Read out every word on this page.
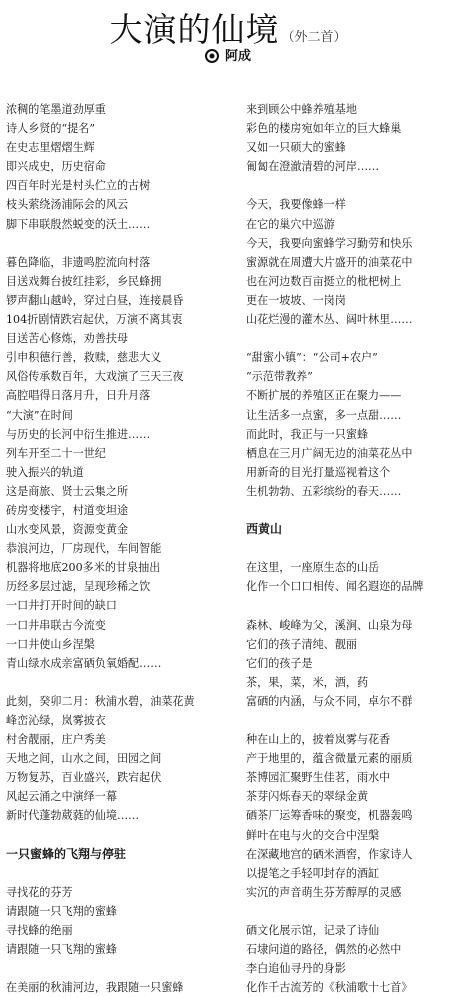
大演的仙境 （外二首）
阿成
浓稠的笔墨道劲厚重
诗人乡贤的“提名”
在史志里熠熠生辉
即兴成史，历史宿命
四百年时光是村头伫立的古树
枝头萦绕汤浦际会的风云
脚下串联殷然蜕变的沃土……
暮色降临，非遗鸣腔流向村落
目送戏舞台披红挂彩，乡民蜂拥
锣声翻山越岭，穿过白昼，连接晨昏
104折剧情跌宕起伏，万演不离其衷
目送苦心修炼，劝善扶母
引申积德行善，救赎，慈悲大义
风俗传承数百年，大戏演了三天三夜
高腔唱得日落月升，日升月落
“大演”在时间
与历史的长河中衍生推进……
列车开至二十一世纪
驶入振兴的轨道
这是商旅、贤士云集之所
砖房变楼宇，村道变坦途
山水变风景，资源变黄金
恭浪河边，厂房现代，车间智能
机器将地底200多米的甘泉抽出
历经多层过滤，呈现珍稀之饮
一口井打开时间的缺口
一口井串联古今流变
一口井使山乡涅槃
青山绿水成亲富硒负氧婚配……
此刻，癸卯二月：秋浦水碧，油菜花黄
峰峦沁绿，岚雾披衣
村舍靓丽，庄户秀美
天地之间，山水之间，田园之间
万物复苏，百业盛兴，跌宕起伏
风起云涌之中演绎一幕
新时代蓬勃葳蕤的仙境……
一只蜜蜂的飞翔与停驻
寻找花的芬芳
请跟随一只飞翔的蜜蜂
寻找蜂的绝丽
请跟随一只飞翔的蜜蜂
在美丽的秋浦河边，我跟随一只蜜蜂
来到顾公中蜂养殖基地
彩色的楼房宛如年立的巨大蜂巢
又如一只硕大的蜜蜂
匍匐在澄澈清碧的河岸……
今天，我要像蜂一样
在它的巢穴中巡游
今天，我要向蜜蜂学习勤劳和快乐
蜜源就在周遭大片盛开的油菜花中
也在河边数百亩挺立的枇杷树上
更在一坡坡、一岗岗
山花烂漫的灌木丛、阔叶林里……
“甜蜜小镇”：“公司+农户”
“示范带教养”
不断扩展的养殖区正在聚力——
让生活多一点蜜，多一点甜……
而此时，我正与一只蜜蜂
栖息在三月广阔无边的油菜花丛中
用新奇的目光打量巡视着这个
生机勃勃、五彩缤纷的春天……
西黄山
在这里，一座原生态的山岳
化作一个口口相传、闻名遐迩的品牌
森林、峻峰为父，溪涧、山泉为母
它们的孩子清纯、靓丽
它们的孩子是
茶，果，菜，米，酒，药
富硒的内涵，与众不同，卓尔不群
种在山上的，披着岚雾与花香
产于地里的，蕴含微量元素的丽质
茶博园汇聚野生佳茗，雨水中
茶芽闪烁春天的翠绿金黄
硒茶厂运筹香味的聚变，机器轰鸣
鲜叶在电与火的交合中涅槃
在深藏地宫的硒米酒窖，作家诗人
以提笔之手轻叩封存的酒缸
实沉的声音萌生芬芳醇厚的灵感
硒文化展示馆，记录了诗仙
石埭问道的路径，偶然的必然中
李白追仙寻丹的身影
化作千古流芳的《秋浦歌十七首》
